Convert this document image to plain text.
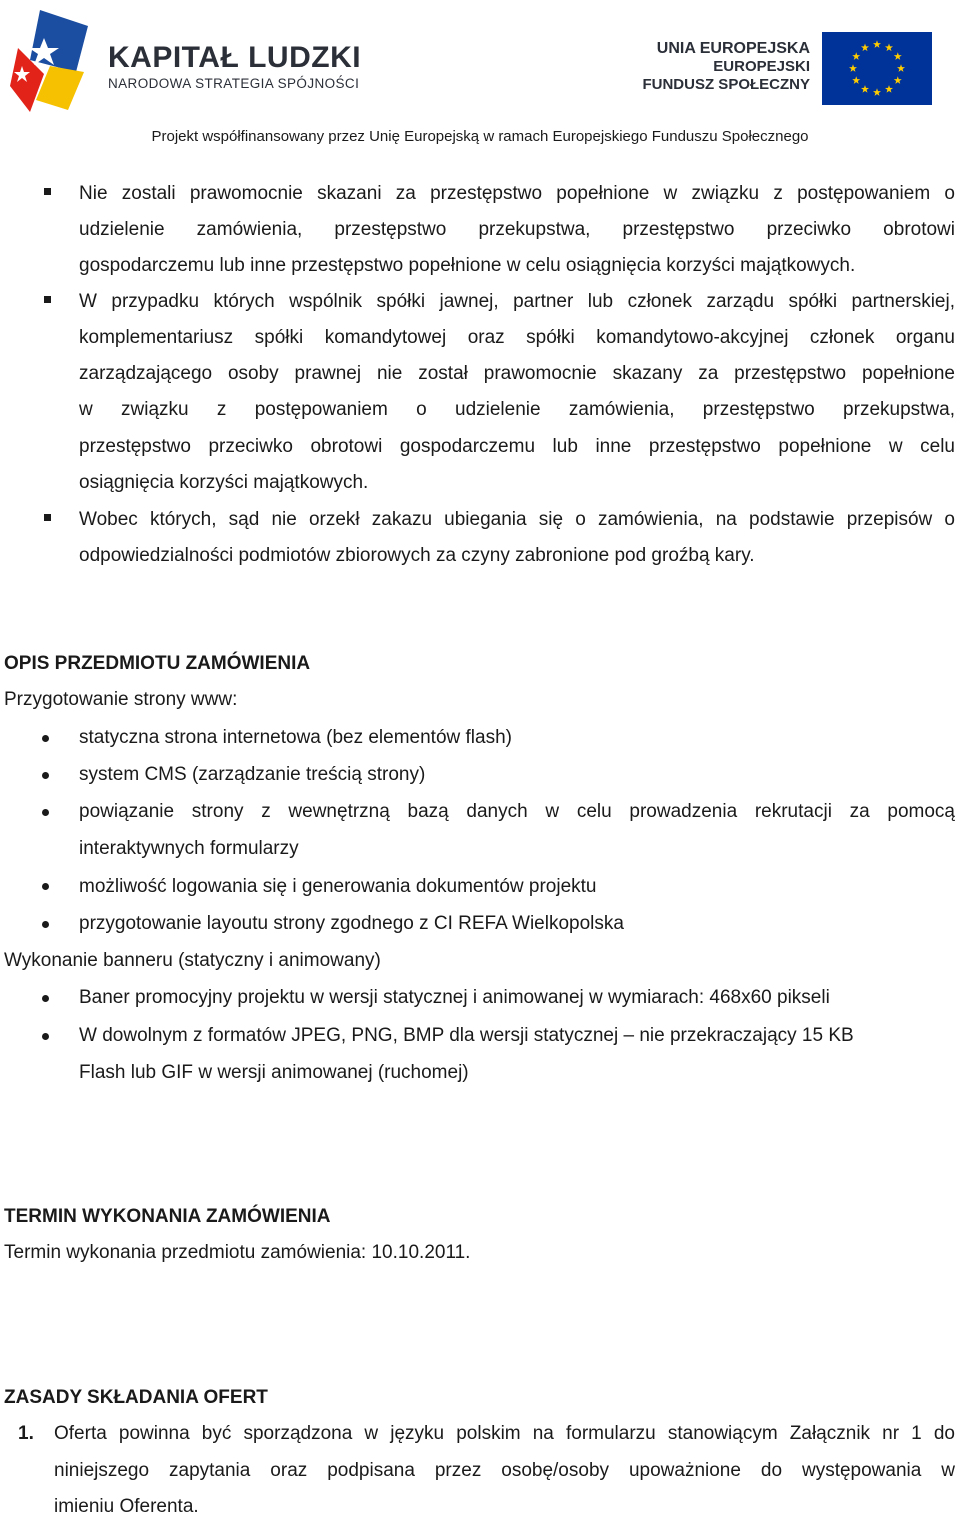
KAPITAŁ LUDZKI
NARODOWA STRATEGIA SPÓJNOŚCI
UNIA EUROPEJSKA
EUROPEJSKI
FUNDUSZ SPOŁECZNY
Projekt współfinansowany przez Unię Europejską w ramach Europejskiego Funduszu Społecznego
Nie zostali prawomocnie skazani za przestępstwo popełnione w związku z postępowaniem o
udzielenie zamówienia, przestępstwo przekupstwa, przestępstwo przeciwko obrotowi
gospodarczemu lub inne przestępstwo popełnione w celu osiągnięcia korzyści majątkowych.
W przypadku których wspólnik spółki jawnej, partner lub członek zarządu spółki partnerskiej,
komplementariusz spółki komandytowej oraz spółki komandytowo-akcyjnej członek organu
zarządzającego osoby prawnej nie został prawomocnie skazany za przestępstwo popełnione
w związku z postępowaniem o udzielenie zamówienia, przestępstwo przekupstwa,
przestępstwo przeciwko obrotowi gospodarczemu lub inne przestępstwo popełnione w celu
osiągnięcia korzyści majątkowych.
Wobec których, sąd nie orzekł zakazu ubiegania się o zamówienia, na podstawie przepisów o
odpowiedzialności podmiotów zbiorowych za czyny zabronione pod groźbą kary.
OPIS PRZEDMIOTU ZAMÓWIENIA
Przygotowanie strony www:
statyczna strona internetowa (bez elementów flash)
system CMS (zarządzanie treścią strony)
powiązanie strony z wewnętrzną bazą danych w celu prowadzenia rekrutacji za pomocą
interaktywnych formularzy
możliwość logowania się i generowania dokumentów projektu
przygotowanie layoutu strony zgodnego z CI REFA Wielkopolska
Wykonanie banneru (statyczny i animowany)
Baner promocyjny projektu w wersji statycznej i animowanej w wymiarach: 468x60 pikseli
W dowolnym z formatów JPEG, PNG, BMP dla wersji statycznej – nie przekraczający 15 KB
Flash lub GIF w wersji animowanej (ruchomej)
TERMIN WYKONANIA ZAMÓWIENIA
Termin wykonania przedmiotu zamówienia: 10.10.2011.
ZASADY SKŁADANIA OFERT
1. Oferta powinna być sporządzona w języku polskim na formularzu stanowiącym Załącznik nr 1 do
niniejszego zapytania oraz podpisana przez osobę/osoby upoważnione do występowania w
imieniu Oferenta.
